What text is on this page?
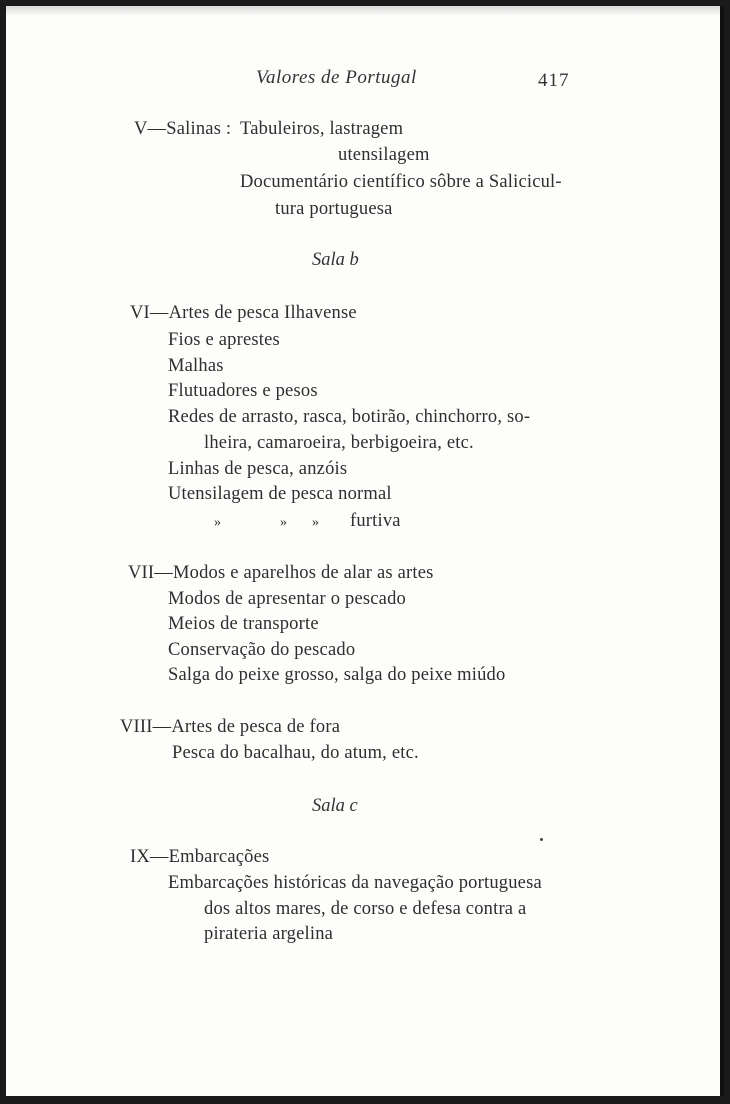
Valores de Portugal	417
V—Salinas : Tabuleiros, lastragem
utensilagem
Documentário científico sôbre a Salicicul-
tura portuguesa
Sala b
VI—Artes de pesca Ilhavense
Fios e aprestes
Malhas
Flutuadores e pesos
Redes de arrasto, rasca, botirão, chinchorro, so-
lheira, camaroeira, berbigoeira, etc.
Linhas de pesca, anzóis
Utensilagem de pesca normal
»	» » furtiva
VII—Modos e aparelhos de alar as artes
Modos de apresentar o pescado
Meios de transporte
Conservação do pescado
Salga do peixe grosso, salga do peixe miúdo
VIII—Artes de pesca de fora
Pesca do bacalhau, do atum, etc.
Sala c
IX—Embarcações
Embarcações históricas da navegação portuguesa
dos altos mares, de corso e defesa contra a
pirateria argelina
